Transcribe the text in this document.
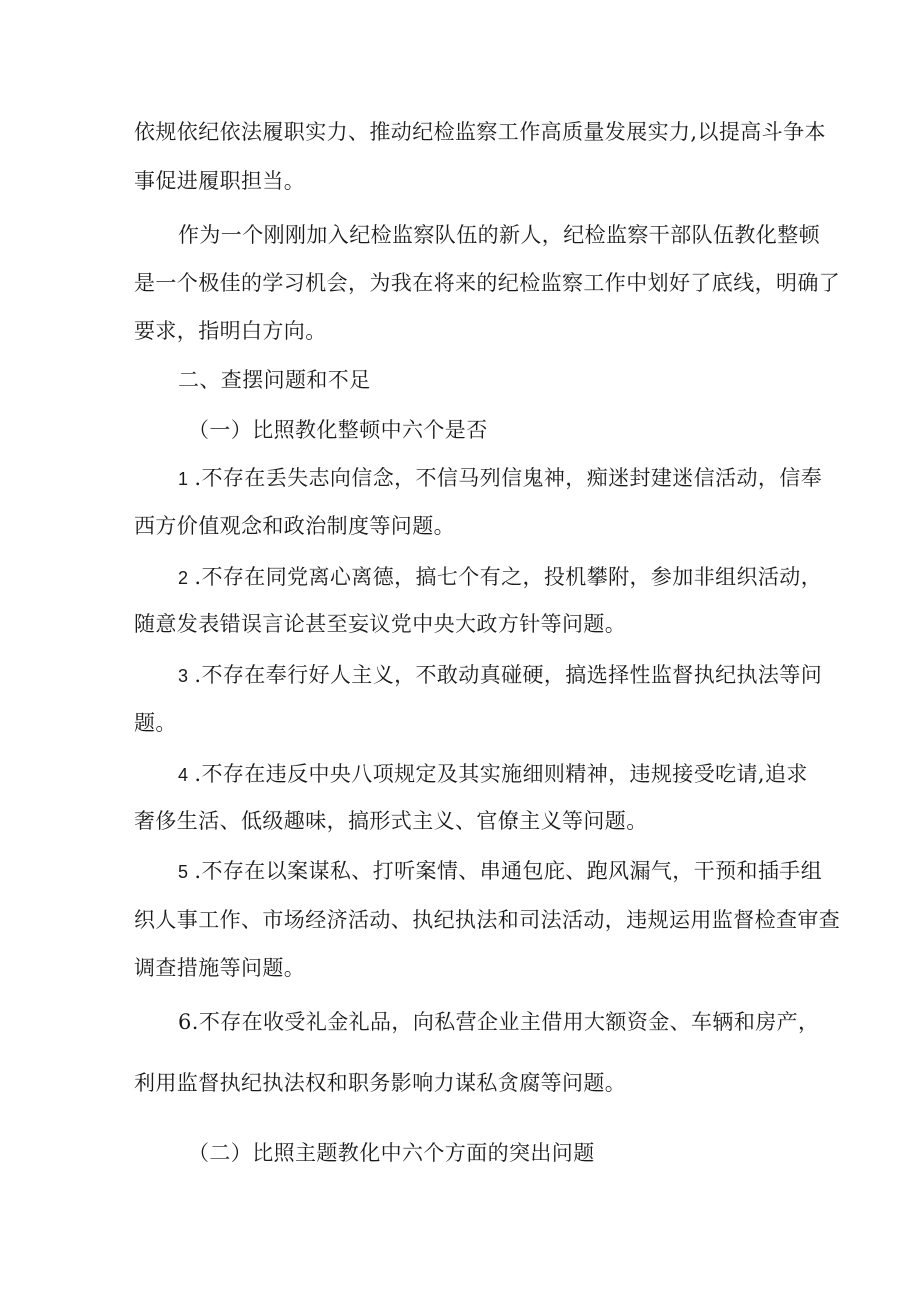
依规依纪依法履职实力、推动纪检监察工作高质量发展实力,以提高斗争本
事促进履职担当。
作为一个刚刚加入纪检监察队伍的新人，纪检监察干部队伍教化整顿
是一个极佳的学习机会，为我在将来的纪检监察工作中划好了底线，明确了
要求，指明白方向。
二、查摆问题和不足
（一）比照教化整顿中六个是否
1 .不存在丢失志向信念，不信马列信鬼神，痴迷封建迷信活动，信奉
西方价值观念和政治制度等问题。
2 .不存在同党离心离德，搞七个有之，投机攀附，参加非组织活动，
随意发表错误言论甚至妄议党中央大政方针等问题。
3 .不存在奉行好人主义，不敢动真碰硬，搞选择性监督执纪执法等问
题。
4 .不存在违反中央八项规定及其实施细则精神，违规接受吃请,追求
奢侈生活、低级趣味，搞形式主义、官僚主义等问题。
5 .不存在以案谋私、打听案情、串通包庇、跑风漏气，干预和插手组
织人事工作、市场经济活动、执纪执法和司法活动，违规运用监督检查审查
调查措施等问题。
6.不存在收受礼金礼品，向私营企业主借用大额资金、车辆和房产，
利用监督执纪执法权和职务影响力谋私贪腐等问题。
（二）比照主题教化中六个方面的突出问题
